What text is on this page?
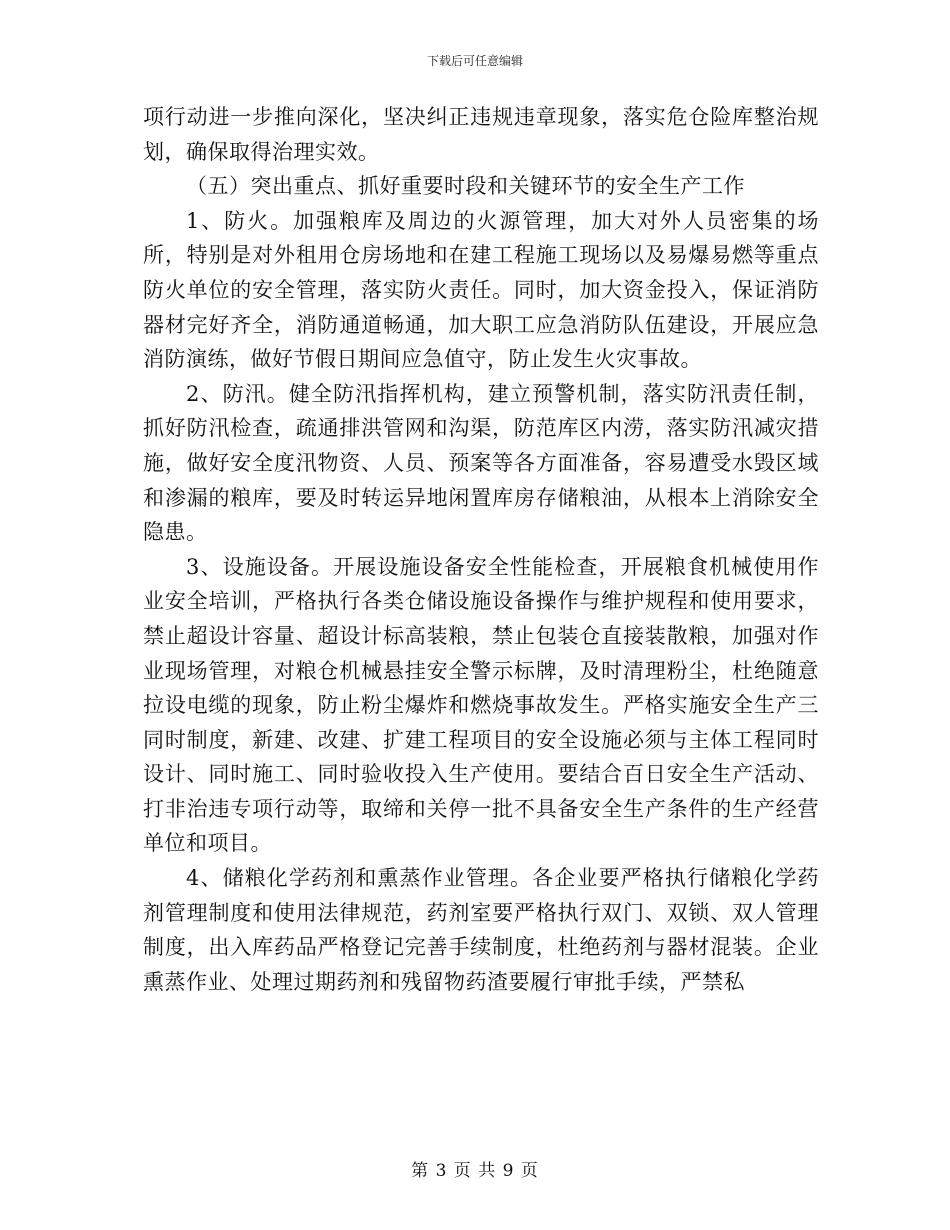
下载后可任意编辑

项行动进一步推向深化，坚决纠正违规违章现象，落实危仓险库整治规划，确保取得治理实效。

（五）突出重点、抓好重要时段和关键环节的安全生产工作

1、防火。加强粮库及周边的火源管理，加大对外人员密集的场所，特别是对外租用仓房场地和在建工程施工现场以及易爆易燃等重点防火单位的安全管理，落实防火责任。同时，加大资金投入，保证消防器材完好齐全，消防通道畅通，加大职工应急消防队伍建设，开展应急消防演练，做好节假日期间应急值守，防止发生火灾事故。

2、防汛。健全防汛指挥机构，建立预警机制，落实防汛责任制，抓好防汛检查，疏通排洪管网和沟渠，防范库区内涝，落实防汛减灾措施，做好安全度汛物资、人员、预案等各方面准备，容易遭受水毁区域和渗漏的粮库，要及时转运异地闲置库房存储粮油，从根本上消除安全隐患。

3、设施设备。开展设施设备安全性能检查，开展粮食机械使用作业安全培训，严格执行各类仓储设施设备操作与维护规程和使用要求，禁止超设计容量、超设计标高装粮，禁止包装仓直接装散粮，加强对作业现场管理，对粮仓机械悬挂安全警示标牌，及时清理粉尘，杜绝随意拉设电缆的现象，防止粉尘爆炸和燃烧事故发生。严格实施安全生产三同时制度，新建、改建、扩建工程项目的安全设施必须与主体工程同时设计、同时施工、同时验收投入生产使用。要结合百日安全生产活动、打非治违专项行动等，取缔和关停一批不具备安全生产条件的生产经营单位和项目。

4、储粮化学药剂和熏蒸作业管理。各企业要严格执行储粮化学药剂管理制度和使用法律规范，药剂室要严格执行双门、双锁、双人管理制度，出入库药品严格登记完善手续制度，杜绝药剂与器材混装。企业熏蒸作业、处理过期药剂和残留物药渣要履行审批手续，严禁私

第 3 页 共 9 页
